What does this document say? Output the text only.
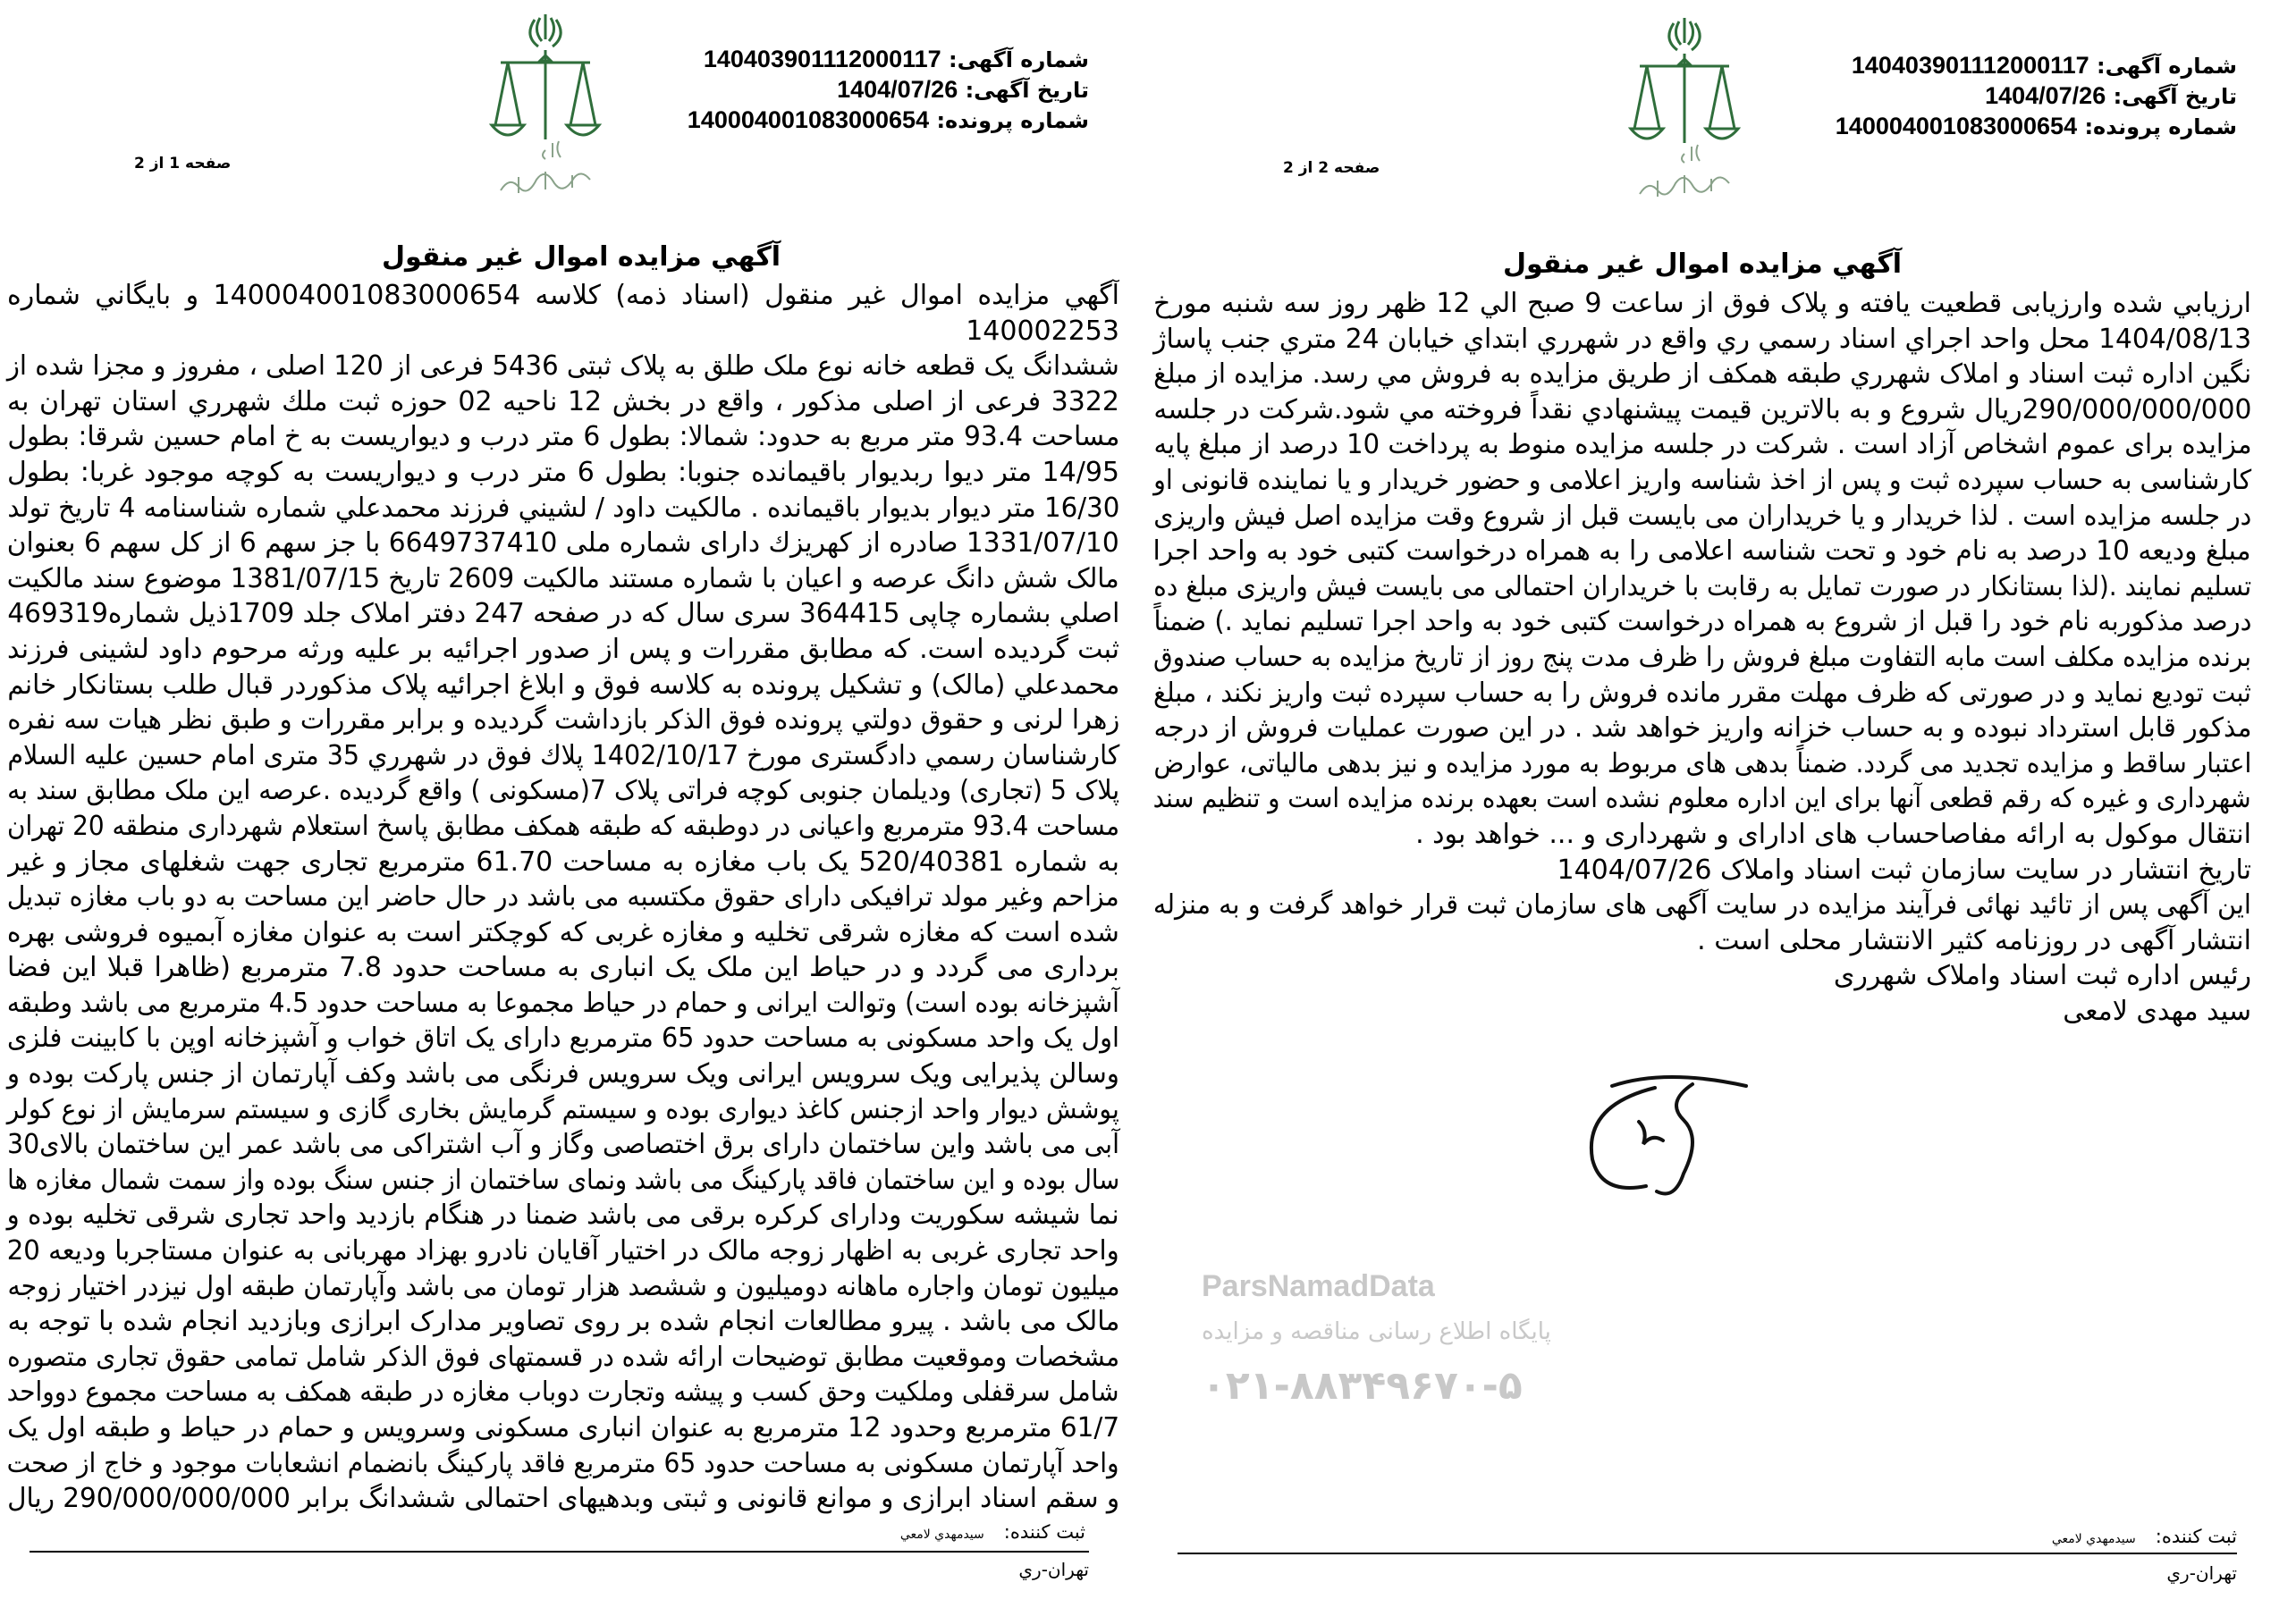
شماره آگهی: 140403901112000117
تاریخ آگهی: 1404/07/26
شماره پرونده: 140004001083000654
صفحه 1 از 2
آگهي مزايده اموال غير منقول
آگهي مزايده اموال غير منقول (اسناد ذمه) كلاسه 140004001083000654 و بايگاني شماره
140002253
ششدانگ يک قطعه خانه نوع ملک طلق به پلاک ثبتی 5436 فرعی از 120 اصلی ، مفروز و مجزا شده از
3322 فرعی از اصلی مذکور ، واقع در بخش 12 ناحيه 02 حوزه ثبت ملك شهرري استان تهران به
مساحت 93.4 متر مربع به حدود: شمالا: بطول 6 متر درب و ديواريست به خ امام حسين شرقا: بطول
14/95 متر ديوا ربديوار باقيمانده جنوبا: بطول 6 متر درب و ديواريست به کوچه موجود غربا: بطول
16/30 متر ديوار بديوار باقيمانده . مالکيت داود / لشيني فرزند محمدعلي شماره شناسنامه 4 تاريخ تولد
1331/07/10 صادره از كهريزك داراى شماره ملی 6649737410 با جز سهم 6 از کل سهم 6 بعنوان
مالک شش دانگ عرصه و اعيان با شماره مستند مالكيت 2609 تاريخ 1381/07/15 موضوع سند مالکيت
اصلي بشماره چاپی 364415 سری سال که در صفحه 247 دفتر املاک جلد 1709ذيل شماره469319
ثبت گرديده است. كه مطابق مقررات و پس از صدور اجرائيه بر عليه ورثه مرحوم داود لشينی فرزند
محمدعلي (مالک) و تشكيل پرونده به كلاسه فوق و ابلاغ اجرائيه پلاک مذكوردر قبال طلب بستانكار خانم
زهرا لرنی و حقوق دولتي پرونده فوق الذكر بازداشت گرديده و برابر مقررات و طبق نظر هيات سه نفره
كارشناسان رسمي دادگستری مورخ 1402/10/17 پلاك فوق در شهرري 35 متری امام حسين عليه السلام
پلاک 5 (تجاری) وديلمان جنوبی کوچه فراتی پلاک 7(مسکونی ) واقع گرديده .عرصه اين ملک مطابق سند به
مساحت 93.4 مترمربع واعيانی در دوطبقه كه طبقه همكف مطابق پاسخ استعلام شهرداری منطقه 20 تهران
به شماره 520/40381 يک باب مغازه به مساحت 61.70 مترمربع تجاری جهت شغلهای مجاز و غير
مزاحم وغير مولد ترافيکی دارای حقوق مکتسبه می باشد در حال حاضر اين مساحت به دو باب مغازه تبديل
شده است که مغازه شرقی تخليه و مغازه غربی که کوچکتر است به عنوان مغازه آبميوه فروشی بهره
برداری می گردد و در حياط اين ملک يک انباری به مساحت حدود 7.8 مترمربع (ظاهرا قبلا اين فضا
آشپزخانه بوده است) وتوالت ايرانی و حمام در حياط مجموعا به مساحت حدود 4.5 مترمربع می باشد وطبقه
اول يک واحد مسکونی به مساحت حدود 65 مترمربع دارای يک اتاق خواب و آشپزخانه اوپن با کابينت فلزی
وسالن پذيرايی ويک سرويس ايرانی ويک سرويس فرنگی می باشد وکف آپارتمان از جنس پارکت بوده و
پوشش ديوار واحد ازجنس کاغذ ديواری بوده و سيستم گرمايش بخاری گازی و سيستم سرمايش از نوع کولر
آبی می باشد واين ساختمان دارای برق اختصاصی وگاز و آب اشتراکی می باشد عمر اين ساختمان بالای30
سال بوده و اين ساختمان فاقد پارکينگ می باشد ونمای ساختمان از جنس سنگ بوده واز سمت شمال مغازه ها
نما شيشه سکوريت ودارای کرکره برقی می باشد ضمنا در هنگام بازديد واحد تجاری شرقی تخليه بوده و
واحد تجاری غربی به اظهار زوجه مالک در اختيار آقايان نادرو بهزاد مهربانی به عنوان مستاجربا وديعه 20
ميليون تومان واجاره ماهانه دوميليون و ششصد هزار تومان می باشد وآپارتمان طبقه اول نيزدر اختيار زوجه
مالک می باشد . پيرو مطالعات انجام شده بر روی تصاوير مدارک ابرازی وبازديد انجام شده با توجه به
مشخصات وموقعيت مطابق توضيحات ارائه شده در قسمتهای فوق الذکر شامل تمامی حقوق تجاری متصوره
شامل سرقفلی وملکيت وحق کسب و پيشه وتجارت دوباب مغازه در طبقه همکف به مساحت مجموع دوواحد
61/7 مترمربع وحدود 12 مترمربع به عنوان انباری مسکونی وسرويس و حمام در حياط و طبقه اول يک
واحد آپارتمان مسکونی به مساحت حدود 65 مترمربع فاقد پارکينگ بانضمام انشعابات موجود و خاج از صحت
و سقم اسناد ابرازی و موانع قانونی و ثبتی وبدهيهای احتمالی ششدانگ برابر 290/000/000/000 ريال
ثبت کننده:سيدمهدي لامعي
تهران-ري
شماره آگهی: 140403901112000117
تاریخ آگهی: 1404/07/26
شماره پرونده: 140004001083000654
صفحه 2 از 2
آگهي مزايده اموال غير منقول
ارزيابي شده وارزيابی قطعيت يافته و پلاک فوق از ساعت 9 صبح الي 12 ظهر روز سه شنبه مورخ
1404/08/13 محل واحد اجراي اسناد رسمي ري واقع در شهرري ابتداي خيابان 24 متري جنب پاساژ
نگين اداره ثبت اسناد و املاک شهرري طبقه همکف از طريق مزايده به فروش مي رسد. مزايده از مبلغ
290/000/000/000ريال شروع و به بالاترين قيمت پيشنهادي نقداً فروخته مي شود.شرکت در جلسه
مزايده برای عموم اشخاص آزاد است . شرکت در جلسه مزايده منوط به پرداخت 10 درصد از مبلغ پايه
کارشناسی به حساب سپرده ثبت و پس از اخذ شناسه واريز اعلامی و حضور خريدار و يا نماينده قانونی او
در جلسه مزايده است . لذا خريدار و يا خريداران می بايست قبل از شروع وقت مزايده اصل فيش واريزی
مبلغ وديعه 10 درصد به نام خود و تحت شناسه اعلامی را به همراه درخواست کتبی خود به واحد اجرا
تسليم نمايند .(لذا بستانکار در صورت تمايل به رقابت با خريداران احتمالی می بايست فيش واريزی مبلغ ده
درصد مذکوربه نام خود را قبل از شروع به همراه درخواست کتبی خود به واحد اجرا تسليم نمايد .) ضمناً
برنده مزايده مکلف است مابه التفاوت مبلغ فروش را ظرف مدت پنج روز از تاريخ مزايده به حساب صندوق
ثبت توديع نمايد و در صورتی که ظرف مهلت مقرر مانده فروش را به حساب سپرده ثبت واريز نکند ، مبلغ
مذکور قابل استرداد نبوده و به حساب خزانه واريز خواهد شد . در اين صورت عمليات فروش از درجه
اعتبار ساقط و مزايده تجديد می گردد. ضمناً بدهی های مربوط به مورد مزايده و نيز بدهی مالياتی، عوارض
شهرداری و غيره که رقم قطعی آنها برای اين اداره معلوم نشده است بعهده برنده مزايده است و تنظيم سند
انتقال موکول به ارائه مفاصاحساب های ادارای و شهرداری و ... خواهد بود .
تاريخ انتشار در سايت سازمان ثبت اسناد واملاک 1404/07/26
اين آگهی پس از تائيد نهائی فرآيند مزايده در سايت آگهی های سازمان ثبت قرار خواهد گرفت و به منزله
انتشار آگهی در روزنامه کثير الانتشار محلی است .
رئيس اداره ثبت اسناد واملاک شهرری
سيد مهدی لامعی
ParsNamadData
پایگاه اطلاع رسانی مناقصه و مزایده
۰۲۱-۸۸۳۴۹۶۷۰-۵
ثبت کننده:سيدمهدي لامعي
تهران-ري
